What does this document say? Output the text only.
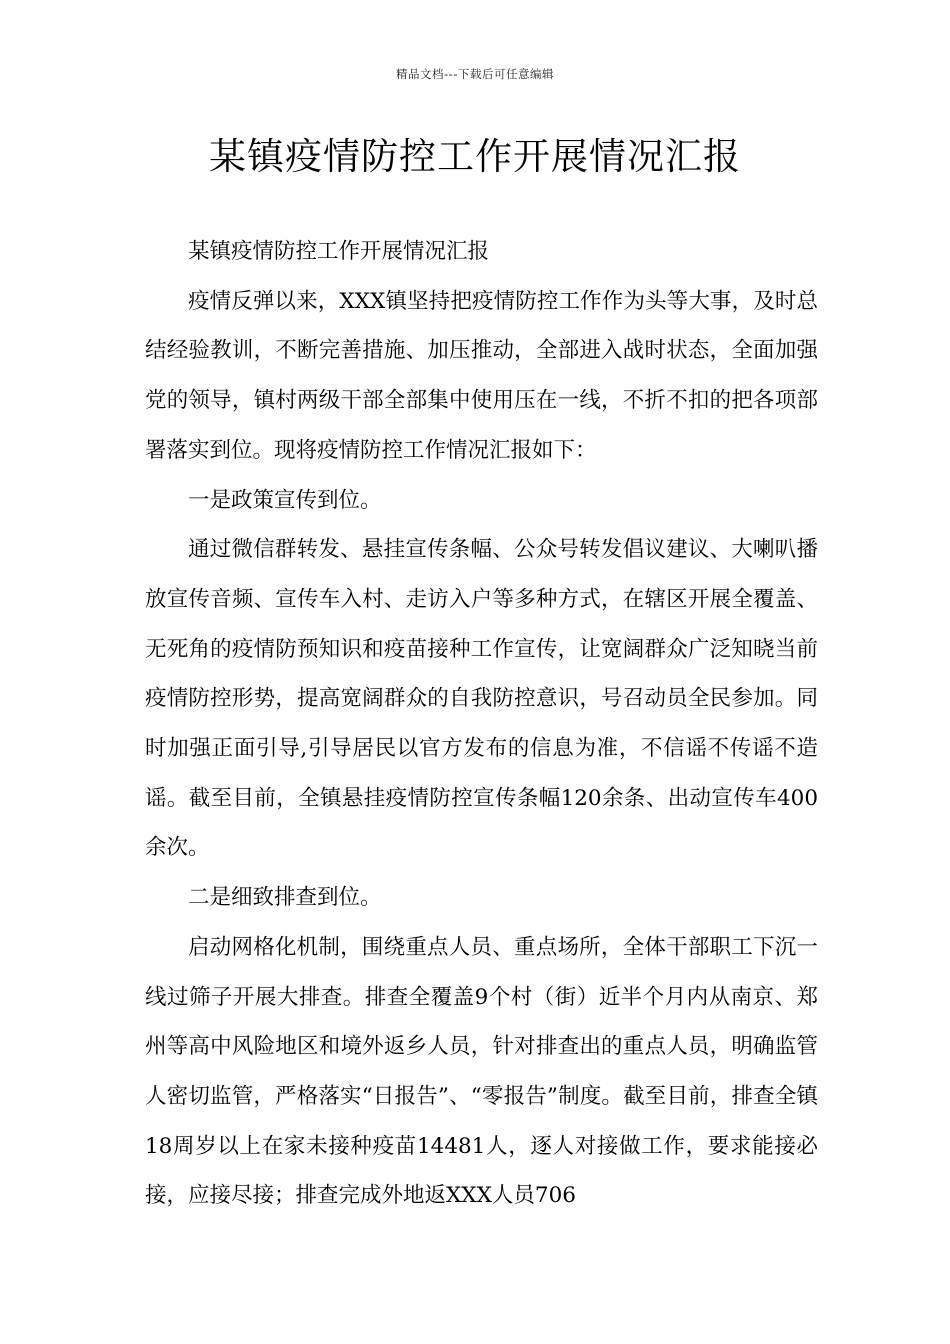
精品文档---下载后可任意编辑
某镇疫情防控工作开展情况汇报

某镇疫情防控工作开展情况汇报

疫情反弹以来，XXX镇坚持把疫情防控工作作为头等大事，及时总结经验教训，不断完善措施、加压推动，全部进入战时状态，全面加强党的领导，镇村两级干部全部集中使用压在一线，不折不扣的把各项部署落实到位。现将疫情防控工作情况汇报如下：

一是政策宣传到位。

通过微信群转发、悬挂宣传条幅、公众号转发倡议建议、大喇叭播放宣传音频、宣传车入村、走访入户等多种方式，在辖区开展全覆盖、无死角的疫情防预知识和疫苗接种工作宣传，让宽阔群众广泛知晓当前疫情防控形势，提高宽阔群众的自我防控意识，号召动员全民参加。同时加强正面引导,引导居民以官方发布的信息为准，不信谣不传谣不造谣。截至目前，全镇悬挂疫情防控宣传条幅120余条、出动宣传车400余次。

二是细致排查到位。

启动网格化机制，围绕重点人员、重点场所，全体干部职工下沉一线过筛子开展大排查。排查全覆盖9个村（街）近半个月内从南京、郑州等高中风险地区和境外返乡人员，针对排查出的重点人员，明确监管人密切监管，严格落实“日报告”、“零报告”制度。截至目前，排查全镇18周岁以上在家未接种疫苗14481人，逐人对接做工作，要求能接必接，应接尽接；排查完成外地返XXX人员706
